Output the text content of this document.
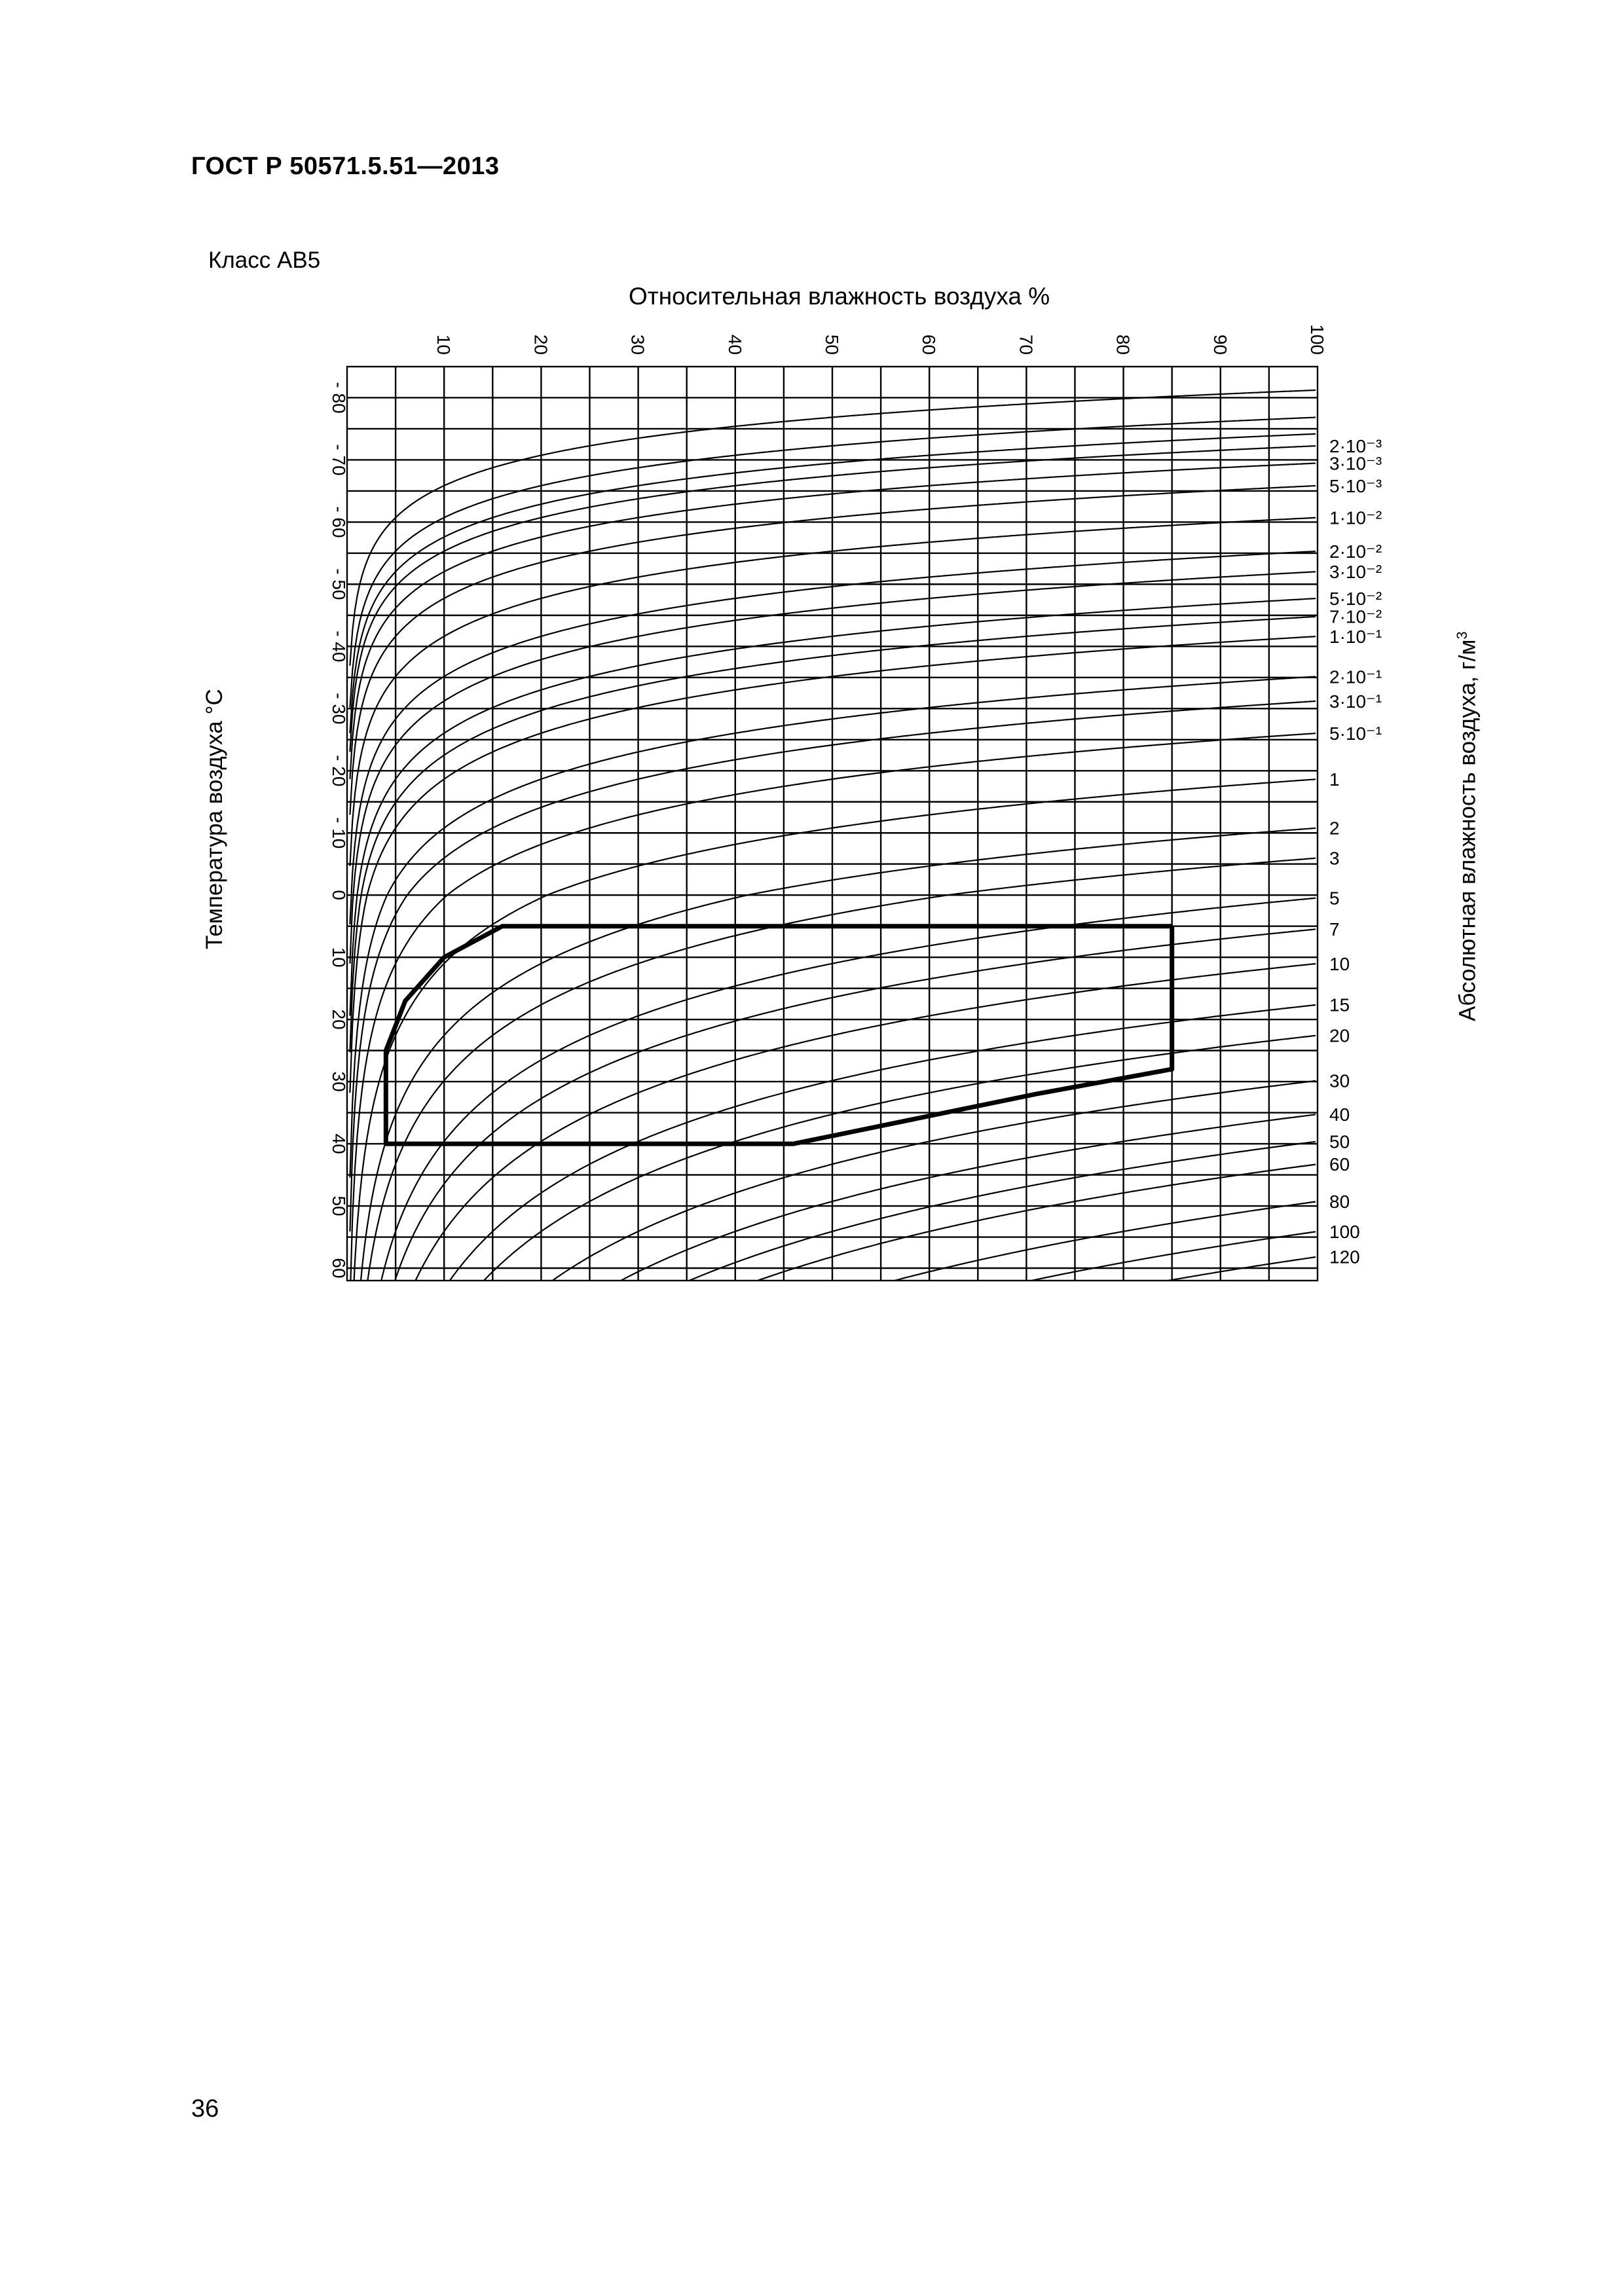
ГОСТ Р 50571.5.51—2013
Класс AB5
Относительная влажность воздуха %
Температура воздуха °С	Абсолютная влажность воздуха, $г/м^3$
36
10	20	30	40	50	60	70	80	90	100
- 80
- 70
- 60
- 50
- 40
- 30
- 20
- 10
0
10
20
30
40
50
60
2·10⁻³
3·10⁻³
5·10⁻³
1·10⁻²
2·10⁻²
3·10⁻²
5·10⁻²
7·10⁻²
1·10⁻¹
2·10⁻¹
3·10⁻¹
5·10⁻¹
1
2
3
5
7
10
15
20
30
40
50
60
80
100
120
